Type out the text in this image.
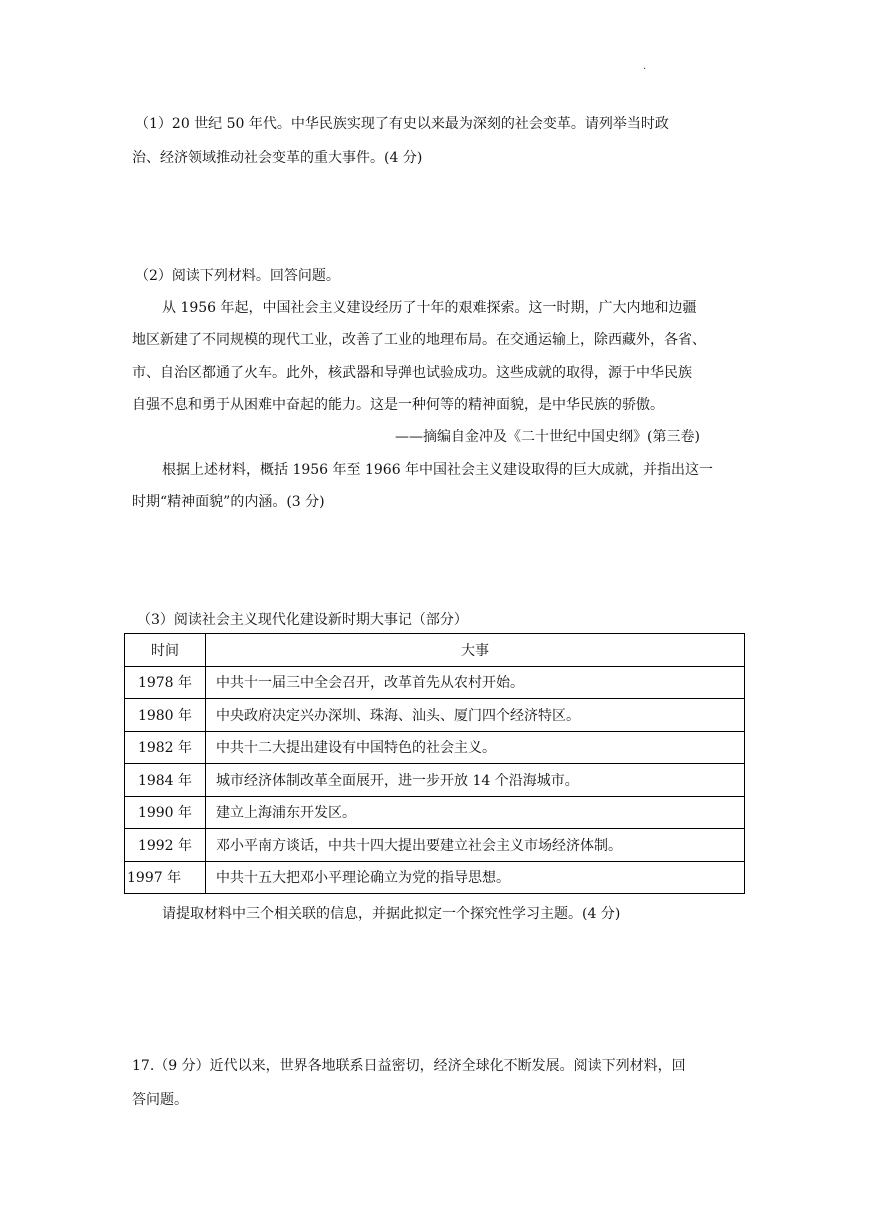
·
（1）20 世纪 50 年代。中华民族实现了有史以来最为深刻的社会变革。请列举当时政
治、经济领域推动社会变革的重大事件。(4 分)
（2）阅读下列材料。回答问题。
从 1956 年起，中国社会主义建设经历了十年的艰难探索。这一时期，广大内地和边疆
地区新建了不同规模的现代工业，改善了工业的地理布局。在交通运输上，除西藏外，各省、
市、自治区都通了火车。此外，核武器和导弹也试验成功。这些成就的取得，源于中华民族
自强不息和勇于从困难中奋起的能力。这是一种何等的精神面貌，是中华民族的骄傲。
——摘编自金冲及《二十世纪中国史纲》(第三卷)
根据上述材料，概括 1956 年至 1966 年中国社会主义建设取得的巨大成就，并指出这一
时期“精神面貌”的内涵。(3 分)
（3）阅读社会主义现代化建设新时期大事记（部分）
时间	大事
1978 年	中共十一届三中全会召开，改革首先从农村开始。
1980 年	中央政府决定兴办深圳、珠海、汕头、厦门四个经济特区。
1982 年	中共十二大提出建设有中国特色的社会主义。
1984 年	城市经济体制改革全面展开，进一步开放 14 个沿海城市。
1990 年	建立上海浦东开发区。
1992 年	邓小平南方谈话，中共十四大提出要建立社会主义市场经济体制。
1997 年	中共十五大把邓小平理论确立为党的指导思想。
请提取材料中三个相关联的信息，并据此拟定一个探究性学习主题。(4 分)
17.（9 分）近代以来，世界各地联系日益密切，经济全球化不断发展。阅读下列材料，回
答问题。
